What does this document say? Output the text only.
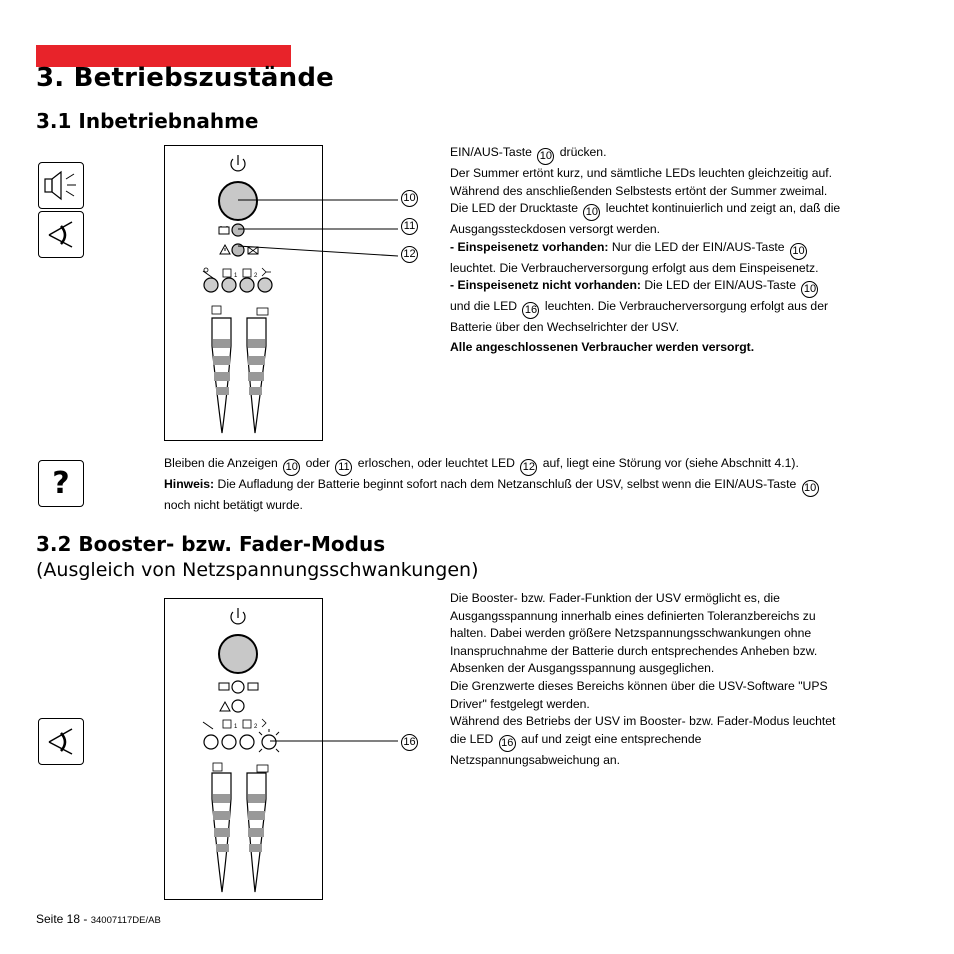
3. Betriebszustände
3.1 Inbetriebnahme
1	2
10
11
12
EIN/AUS-Taste 10 drücken.
Der Summer ertönt kurz, und sämtliche LEDs leuchten gleichzeitig auf.
Während des anschließenden Selbstests ertönt der Summer zweimal.
Die LED der Drucktaste 10 leuchtet kontinuierlich und zeigt an, daß die
Ausgangssteckdosen versorgt werden.
- Einspeisenetz vorhanden: Nur die LED der EIN/AUS-Taste 10
leuchtet. Die Verbraucherversorgung erfolgt aus dem Einspeisenetz.
- Einspeisenetz nicht vorhanden: Die LED der EIN/AUS-Taste 10
und die LED 16 leuchten. Die Verbraucherversorgung erfolgt aus der
Batterie über den Wechselrichter der USV.
Alle angeschlossenen Verbraucher werden versorgt.
?
Bleiben die Anzeigen 10 oder 11 erloschen, oder leuchtet LED 12 auf, liegt eine Störung vor (siehe Abschnitt 4.1).
Hinweis: Die Aufladung der Batterie beginnt sofort nach dem Netzanschluß der USV, selbst wenn die EIN/AUS-Taste 10
noch nicht betätigt wurde.
3.2 Booster- bzw. Fader-Modus
(Ausgleich von Netzspannungsschwankungen)
1	2
16
Die Booster- bzw. Fader-Funktion der USV ermöglicht es, die
Ausgangsspannung innerhalb eines definierten Toleranzbereichs zu
halten. Dabei werden größere Netzspannungsschwankungen ohne
Inanspruchnahme der Batterie durch entsprechendes Anheben bzw.
Absenken der Ausgangsspannung ausgeglichen.
Die Grenzwerte dieses Bereichs können über die USV-Software "UPS
Driver" festgelegt werden.
Während des Betriebs der USV im Booster- bzw. Fader-Modus leuchtet
die LED 16 auf und zeigt eine entsprechende
Netzspannungsabweichung an.
Seite 18 - 34007117DE/AB
